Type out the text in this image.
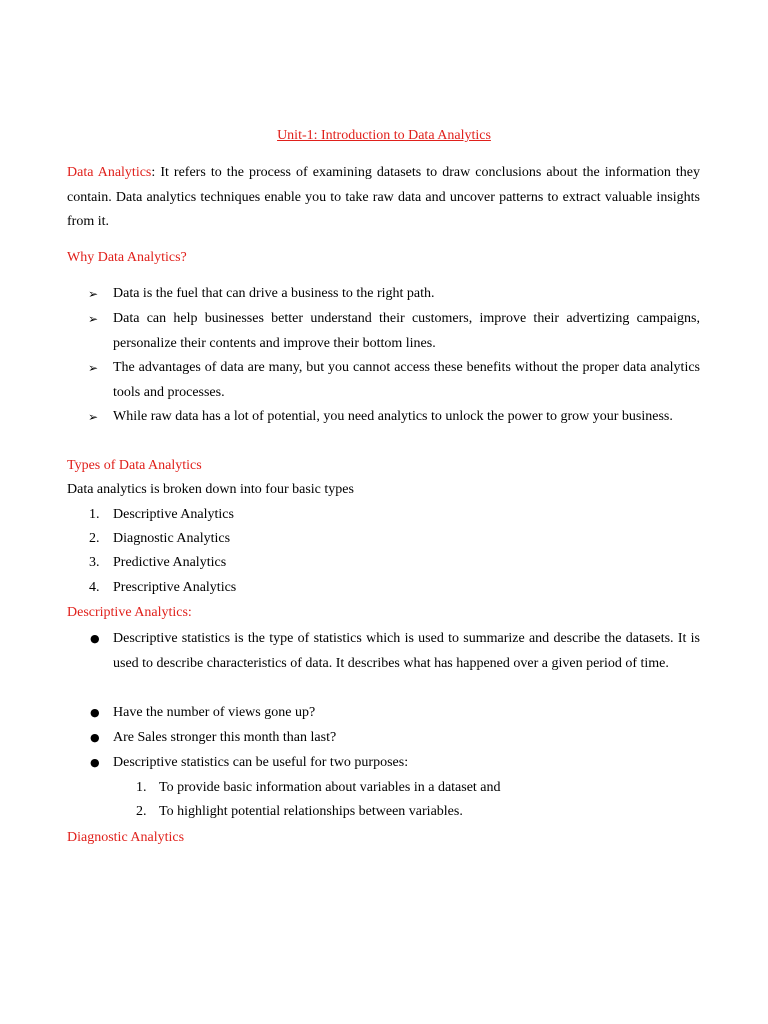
Unit-1: Introduction to Data Analytics
Data Analytics: It refers to the process of examining datasets to draw conclusions about the information they contain. Data analytics techniques enable you to take raw data and uncover patterns to extract valuable insights from it.
Why Data Analytics?
➢	Data is the fuel that can drive a business to the right path.
➢	Data can help businesses better understand their customers, improve their advertizing campaigns, personalize their contents and improve their bottom lines.
➢	The advantages of data are many, but you cannot access these benefits without the proper data analytics tools and processes.
➢	While raw data has a lot of potential, you need analytics to unlock the power to grow your business.
Types of Data Analytics
Data analytics is broken down into four basic types
1. Descriptive Analytics
2. Diagnostic Analytics
3. Predictive Analytics
4. Prescriptive Analytics
Descriptive Analytics:
● Descriptive statistics is the type of statistics which is used to summarize and describe the datasets. It is used to describe characteristics of data. It describes what has happened over a given period of time.
● Have the number of views gone up?
● Are Sales stronger this month than last?
● Descriptive statistics can be useful for two purposes:
1. To provide basic information about variables in a dataset and
2. To highlight potential relationships between variables.
Diagnostic Analytics
